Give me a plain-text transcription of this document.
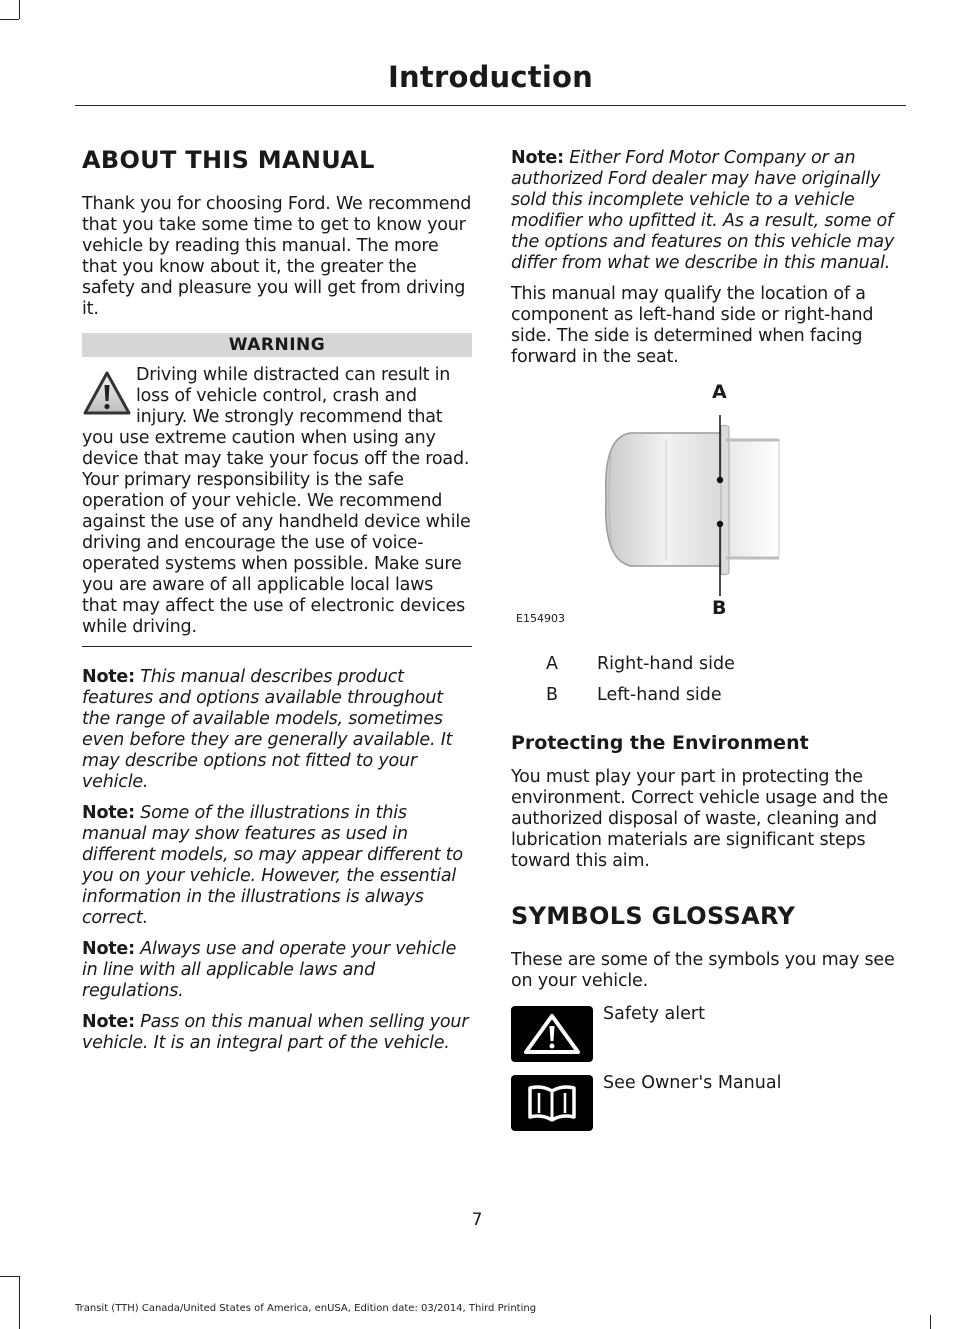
Introduction
ABOUT THIS MANUAL

Thank you for choosing Ford. We recommend that you take some time to get to know your vehicle by reading this manual. The more that you know about it, the greater the safety and pleasure you will get from driving it.

WARNING
Driving while distracted can result in loss of vehicle control, crash and injury. We strongly recommend that you use extreme caution when using any device that may take your focus off the road. Your primary responsibility is the safe operation of your vehicle. We recommend against the use of any handheld device while driving and encourage the use of voice-operated systems when possible. Make sure you are aware of all applicable local laws that may affect the use of electronic devices while driving.

Note: This manual describes product features and options available throughout the range of available models, sometimes even before they are generally available. It may describe options not fitted to your vehicle.

Note: Some of the illustrations in this manual may show features as used in different models, so may appear different to you on your vehicle. However, the essential information in the illustrations is always correct.

Note: Always use and operate your vehicle in line with all applicable laws and regulations.

Note: Pass on this manual when selling your vehicle. It is an integral part of the vehicle.

Note: Either Ford Motor Company or an authorized Ford dealer may have originally sold this incomplete vehicle to a vehicle modifier who upfitted it. As a result, some of the options and features on this vehicle may differ from what we describe in this manual.

This manual may qualify the location of a component as left-hand side or right-hand side. The side is determined when facing forward in the seat.

A
B
E154903
A	Right-hand side
B	Left-hand side
Protecting the Environment

You must play your part in protecting the environment. Correct vehicle usage and the authorized disposal of waste, cleaning and lubrication materials are significant steps toward this aim.

SYMBOLS GLOSSARY

These are some of the symbols you may see on your vehicle.

Safety alert
See Owner's Manual
7
Transit (TTH) Canada/United States of America, enUSA, Edition date: 03/2014, Third Printing
